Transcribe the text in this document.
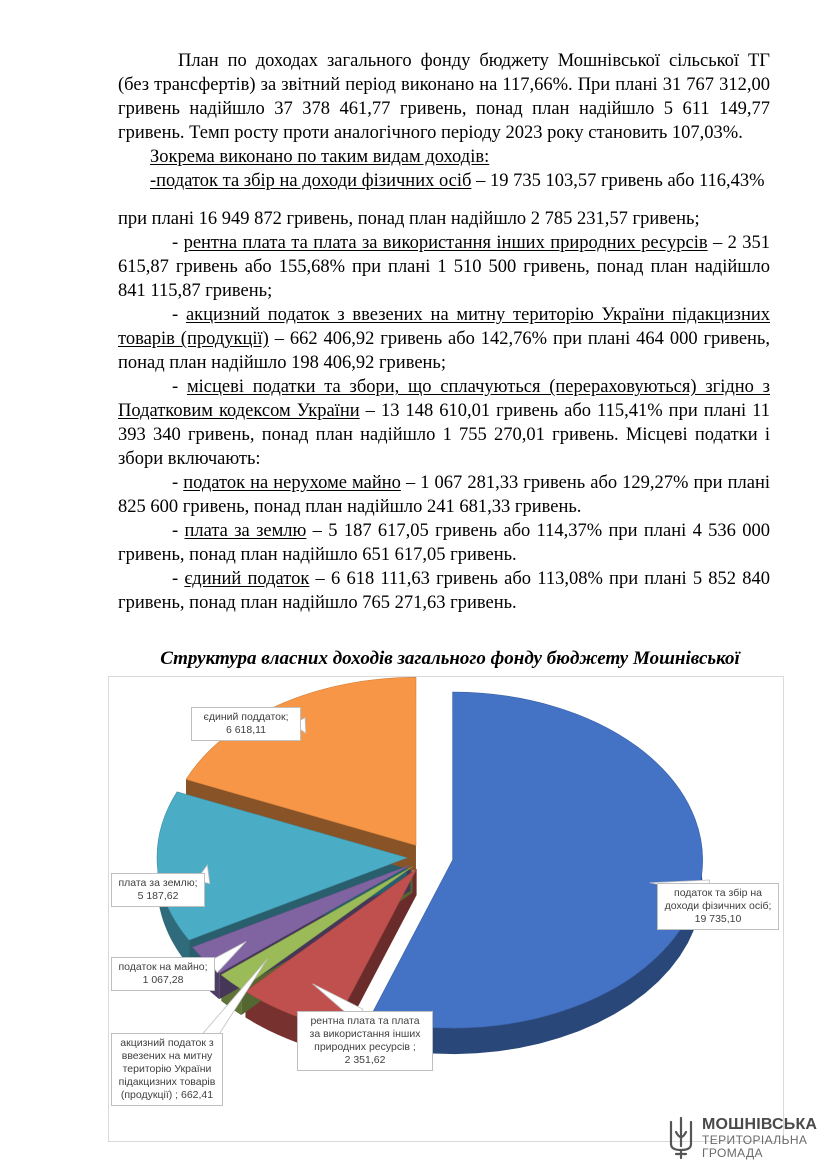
План по доходах загального фонду бюджету Мошнівської сільської ТГ (без трансфертів) за звітний період виконано на 117,66%. При плані 31 767 312,00 гривень надійшло 37 378 461,77 гривень, понад план надійшло 5 611 149,77 гривень. Темп росту проти аналогічного періоду 2023 року становить 107,03%.

Зокрема виконано по таким видам доходів:

-податок та збір на доходи фізичних осіб – 19 735 103,57 гривень або 116,43%

при плані 16 949 872 гривень, понад план надійшло 2 785 231,57 гривень;

- рентна плата та плата за використання інших природних ресурсів – 2 351 615,87 гривень або 155,68% при плані 1 510 500 гривень, понад план надійшло 841 115,87 гривень;

- акцизний податок з ввезених на митну територію України підакцизних товарів (продукції) – 662 406,92 гривень або 142,76% при плані 464 000 гривень, понад план надійшло 198 406,92 гривень;

- місцеві податки та збори, що сплачуються (перераховуються) згідно з Податковим кодексом України – 13 148 610,01 гривень або 115,41% при плані 11 393 340 гривень, понад план надійшло 1 755 270,01 гривень. Місцеві податки і збори включають:

- податок на нерухоме майно – 1 067 281,33 гривень або 129,27% при плані 825 600 гривень, понад план надійшло 241 681,33 гривень.

- плата за землю – 5 187 617,05 гривень або 114,37% при плані 4 536 000 гривень, понад план надійшло 651 617,05 гривень.

- єдиний податок – 6 618 111,63 гривень або 113,08% при плані 5 852 840 гривень, понад план надійшло 765 271,63 гривень.

Структура власних доходів загального фонду бюджету Мошнівської
єдиний поддаток;
6 618,11
плата за землю;
5 187,62
податок на майно;
1 067,28
акцизний податок з
ввезених на митну
територію України
підакцизних товарів
(продукції) ; 662,41
рентна плата та плата
за використання інших
природних ресурсів ;
2 351,62
податок та збір на
доходи фізичних осіб;
19 735,10
МОШНІВСЬКА
ТЕРИТОРІАЛЬНА
ГРОМАДА
